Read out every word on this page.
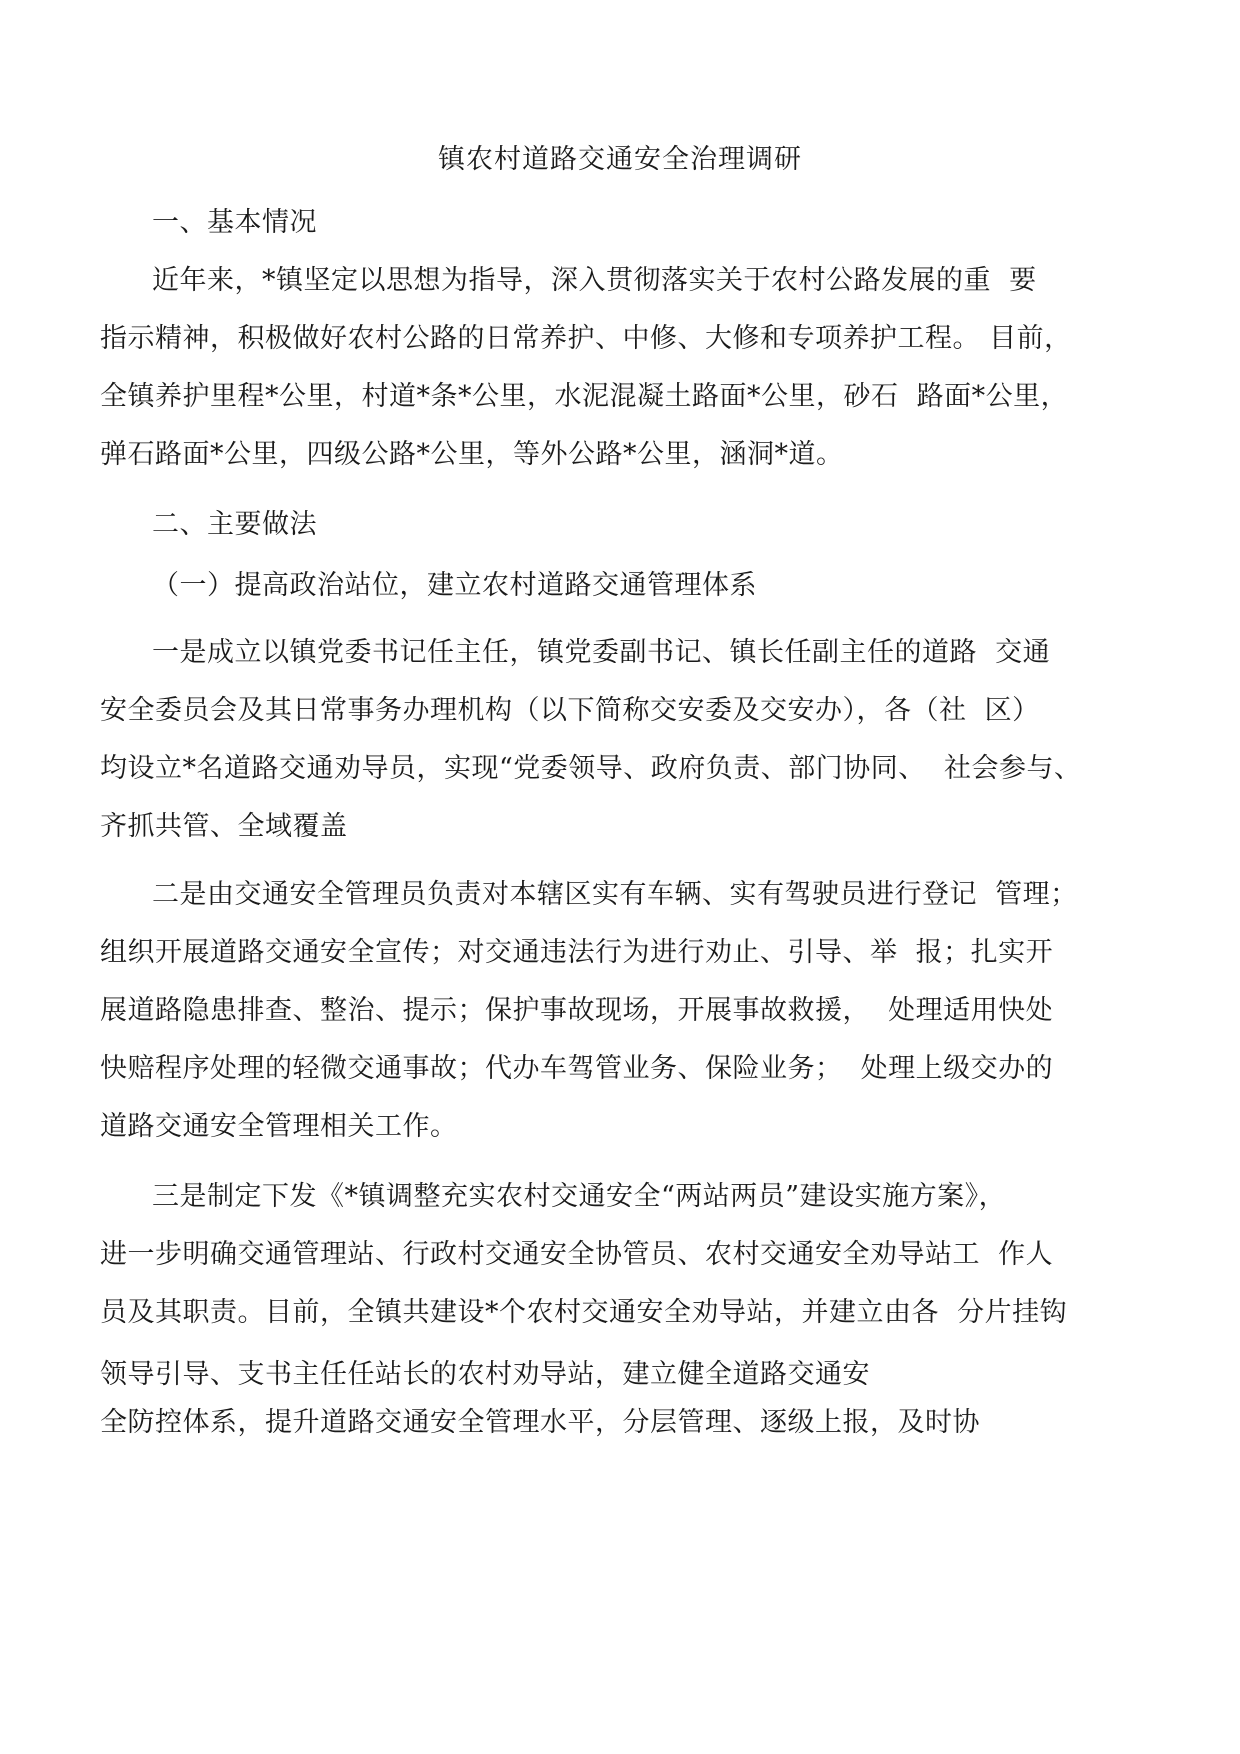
镇农村道路交通安全治理调研
一、基本情况
近年来，*镇坚定以思想为指导，深入贯彻落实关于农村公路发展的重  要
指示精神，积极做好农村公路的日常养护、中修、大修和专项养护工程。 目前，
全镇养护里程*公里，村道*条*公里，水泥混凝土路面*公里，砂石  路面*公里，
弹石路面*公里，四级公路*公里，等外公路*公里，涵洞*道。
二、主要做法
（一）提高政治站位，建立农村道路交通管理体系
一是成立以镇党委书记任主任，镇党委副书记、镇长任副主任的道路  交通
安全委员会及其日常事务办理机构（以下简称交安委及交安办），各（社  区）
均设立*名道路交通劝导员，实现“党委领导、政府负责、部门协同、  社会参与、
齐抓共管、全域覆盖
二是由交通安全管理员负责对本辖区实有车辆、实有驾驶员进行登记  管理；
组织开展道路交通安全宣传；对交通违法行为进行劝止、引导、举  报；扎实开
展道路隐患排查、整治、提示；保护事故现场，开展事故救援，  处理适用快处
快赔程序处理的轻微交通事故；代办车驾管业务、保险业务；  处理上级交办的
道路交通安全管理相关工作。
三是制定下发《*镇调整充实农村交通安全“两站两员”建设实施方案》，
进一步明确交通管理站、行政村交通安全协管员、农村交通安全劝导站工  作人
员及其职责。目前，全镇共建设*个农村交通安全劝导站，并建立由各  分片挂钩
领导引导、支书主任任站长的农村劝导站，建立健全道路交通安
全防控体系，提升道路交通安全管理水平，分层管理、逐级上报，及时协
